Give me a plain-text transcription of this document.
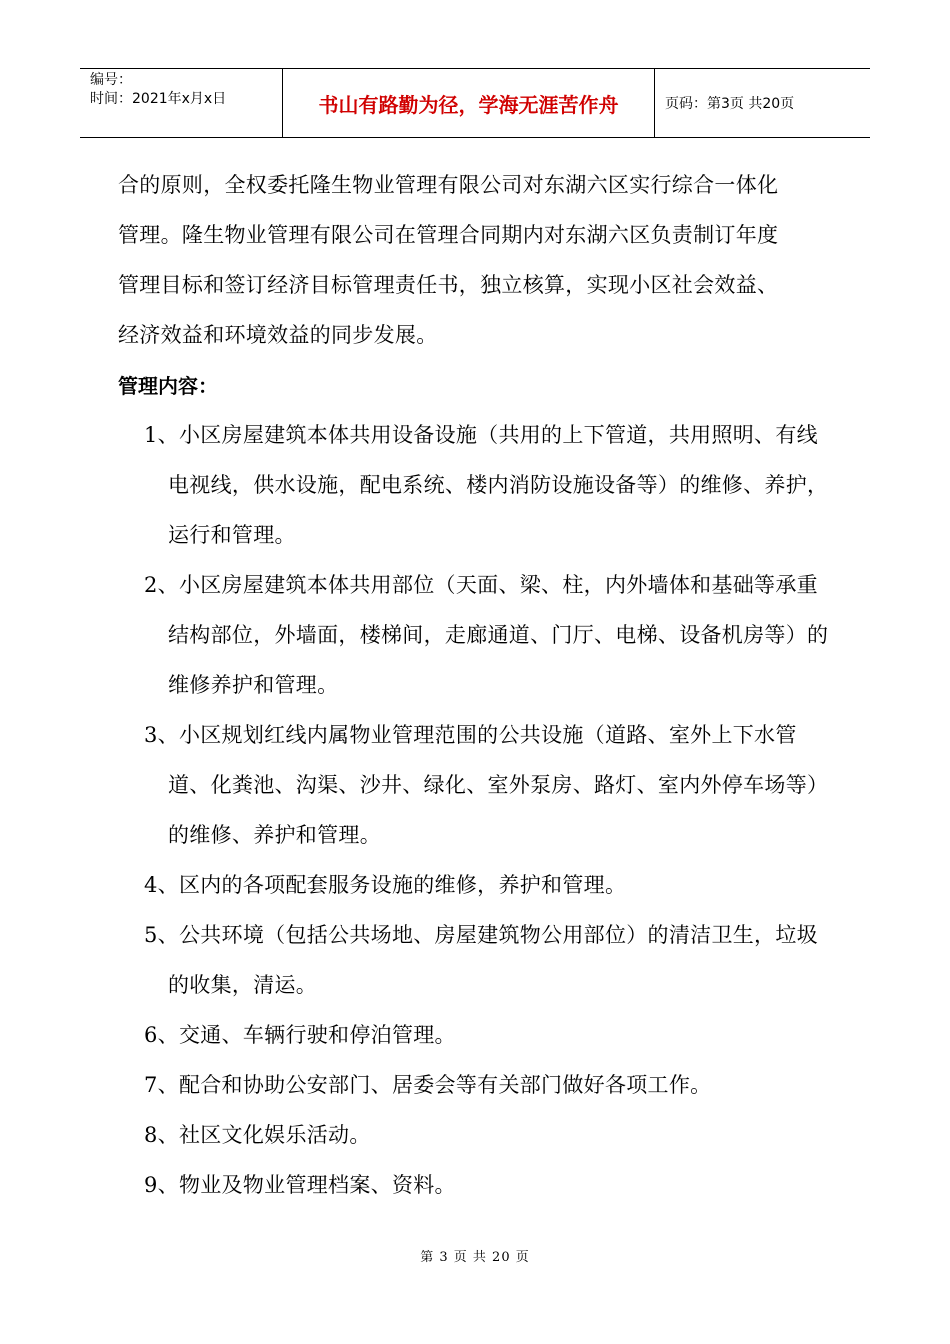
编号：
时间：2021年x月x日	书山有路勤为径，学海无涯苦作舟	页码：第3页 共20页

合的原则，全权委托隆生物业管理有限公司对东湖六区实行综合一体化

管理。隆生物业管理有限公司在管理合同期内对东湖六区负责制订年度

管理目标和签订经济目标管理责任书，独立核算，实现小区社会效益、

经济效益和环境效益的同步发展。

管理内容：

1、小区房屋建筑本体共用设备设施（共用的上下管道，共用照明、有线电视线，供水设施，配电系统、楼内消防设施设备等）的维修、养护，运行和管理。

2、小区房屋建筑本体共用部位（天面、梁、柱，内外墙体和基础等承重结构部位，外墙面，楼梯间，走廊通道、门厅、电梯、设备机房等）的维修养护和管理。

3、小区规划红线内属物业管理范围的公共设施（道路、室外上下水管道、化粪池、沟渠、沙井、绿化、室外泵房、路灯、室内外停车场等）的维修、养护和管理。

4、区内的各项配套服务设施的维修，养护和管理。

5、公共环境（包括公共场地、房屋建筑物公用部位）的清洁卫生，垃圾的收集，清运。

6、交通、车辆行驶和停泊管理。

7、配合和协助公安部门、居委会等有关部门做好各项工作。

8、社区文化娱乐活动。

9、物业及物业管理档案、资料。

第 3 页 共 20 页
